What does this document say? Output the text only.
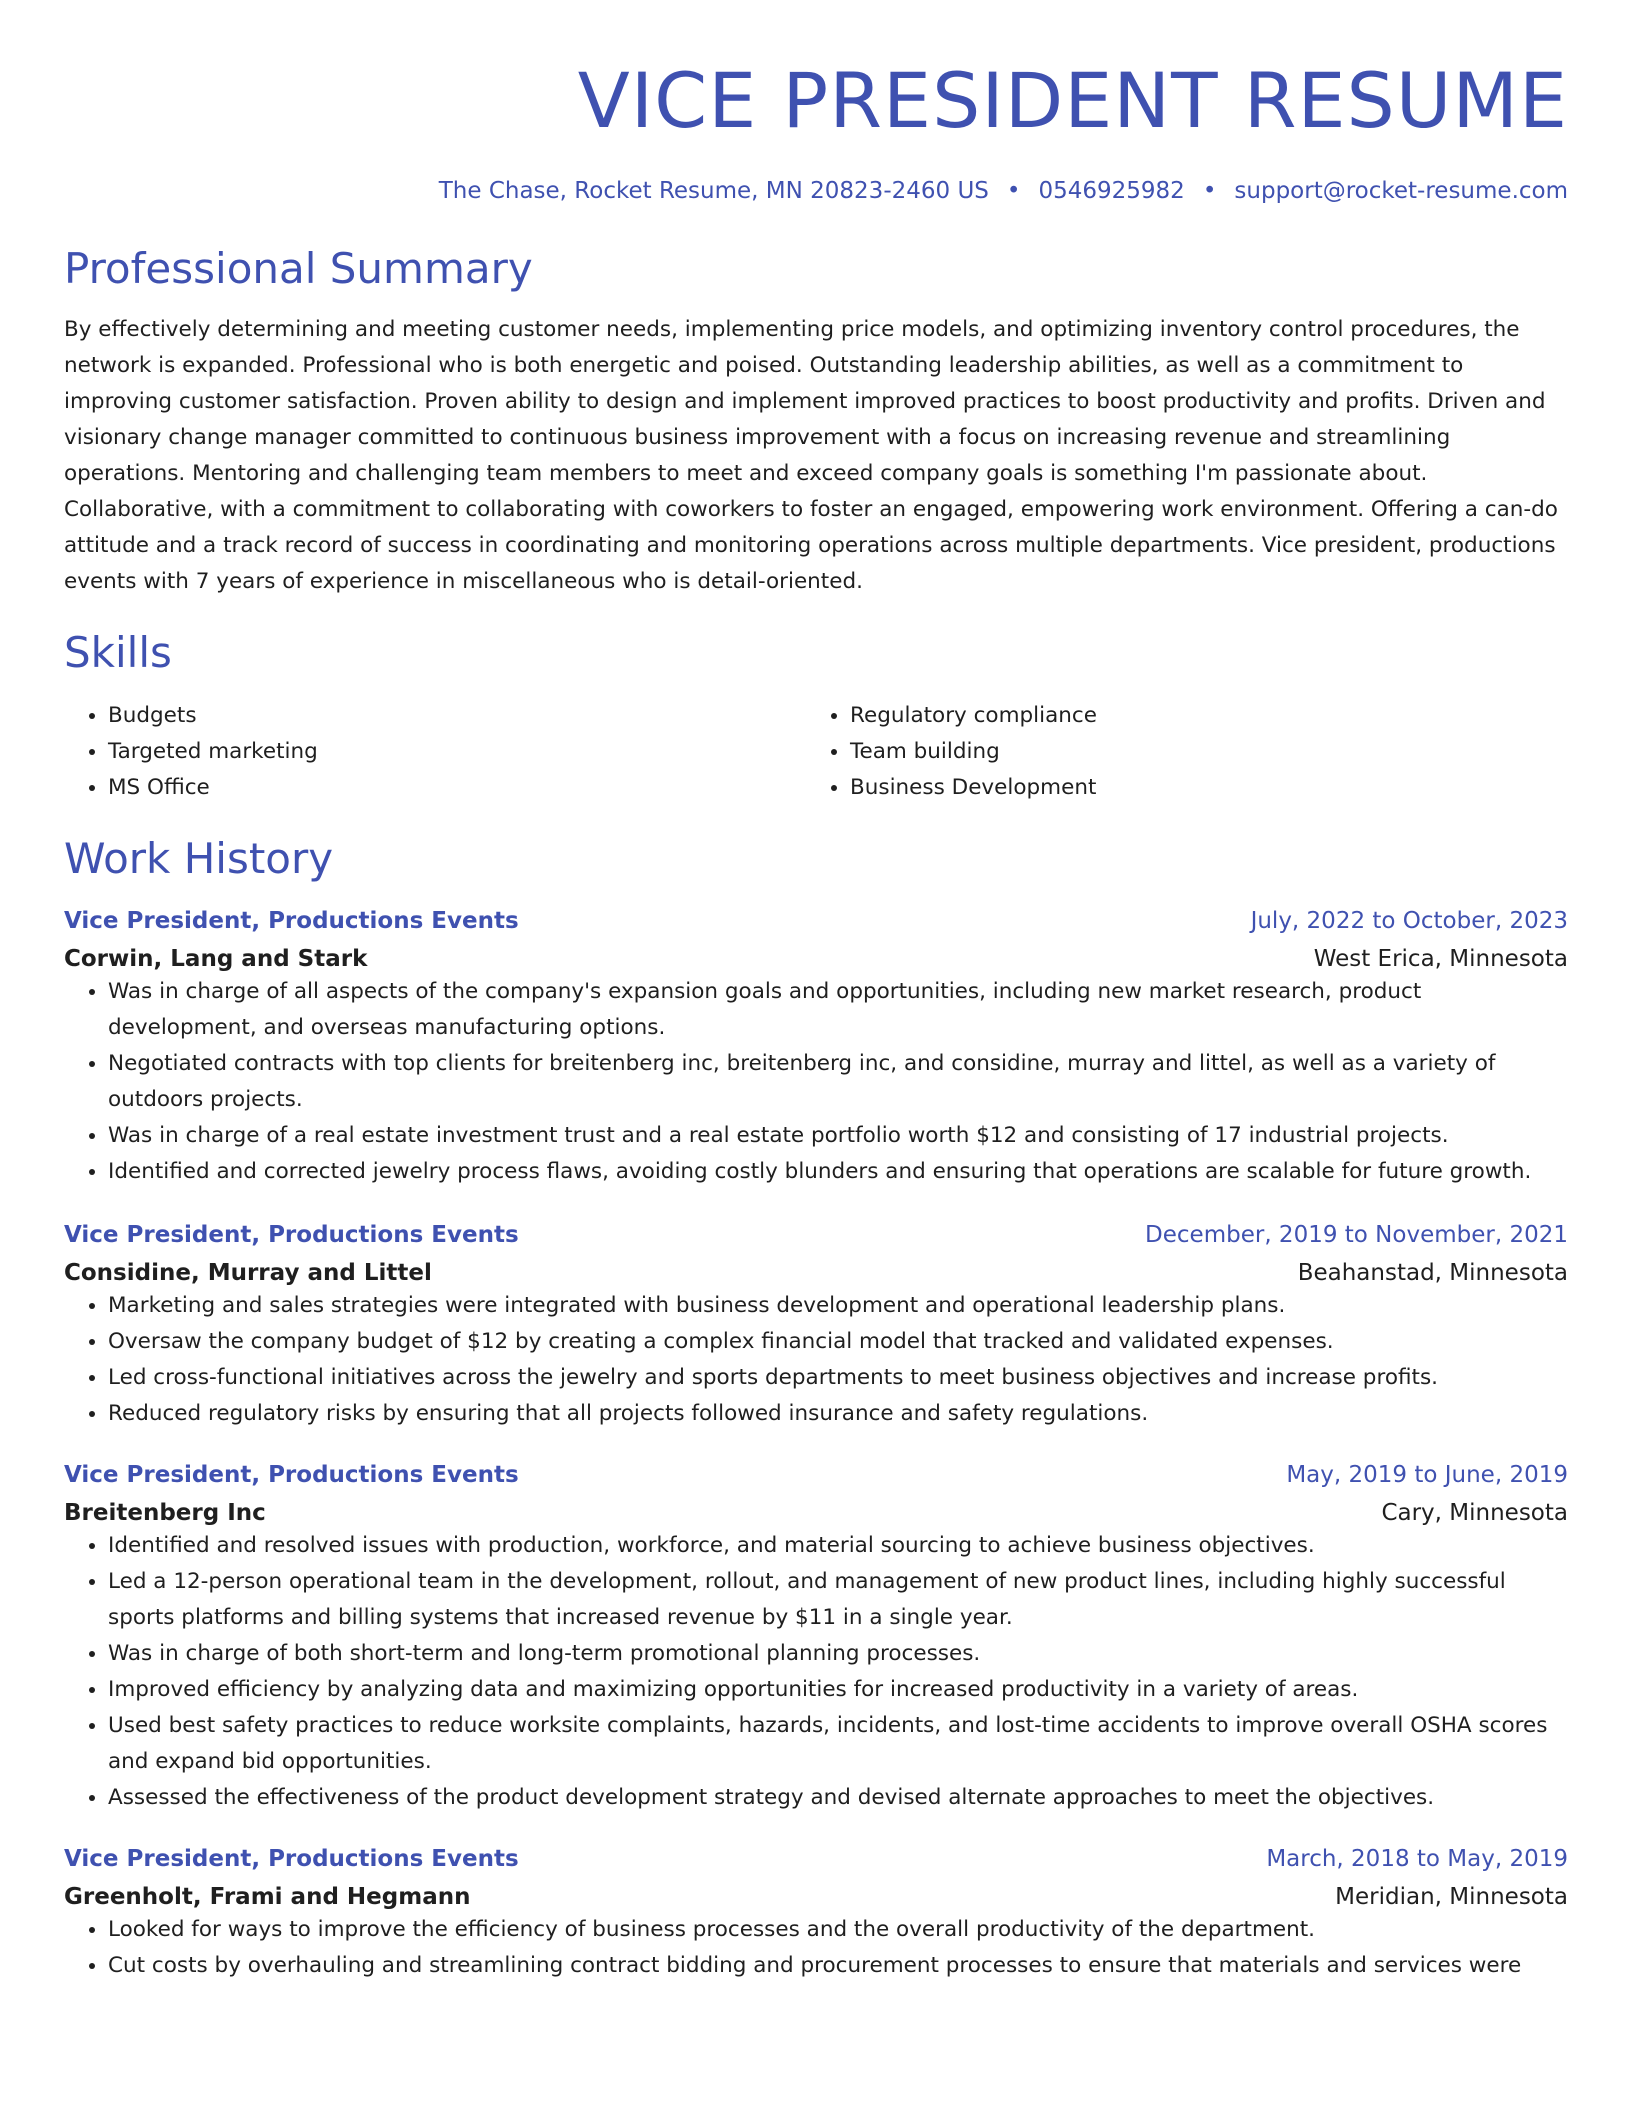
VICE PRESIDENT RESUME
The Chase, Rocket Resume, MN 20823-2460 US • 0546925982 • support@rocket-resume.com
Professional Summary
By effectively determining and meeting customer needs, implementing price models, and optimizing inventory control procedures, the network is expanded. Professional who is both energetic and poised. Outstanding leadership abilities, as well as a commitment to improving customer satisfaction. Proven ability to design and implement improved practices to boost productivity and profits. Driven and visionary change manager committed to continuous business improvement with a focus on increasing revenue and streamlining operations. Mentoring and challenging team members to meet and exceed company goals is something I'm passionate about. Collaborative, with a commitment to collaborating with coworkers to foster an engaged, empowering work environment. Offering a can-do attitude and a track record of success in coordinating and monitoring operations across multiple departments. Vice president, productions events with 7 years of experience in miscellaneous who is detail-oriented.
Skills
• Budgets
• Targeted marketing
• MS Office
• Regulatory compliance
• Team building
• Business Development
Work History
Vice President, Productions Events	July, 2022 to October, 2023
Corwin, Lang and Stark	West Erica, Minnesota
• Was in charge of all aspects of the company's expansion goals and opportunities, including new market research, product development, and overseas manufacturing options.
• Negotiated contracts with top clients for breitenberg inc, breitenberg inc, and considine, murray and littel, as well as a variety of outdoors projects.
• Was in charge of a real estate investment trust and a real estate portfolio worth $12 and consisting of 17 industrial projects.
• Identified and corrected jewelry process flaws, avoiding costly blunders and ensuring that operations are scalable for future growth.
Vice President, Productions Events	December, 2019 to November, 2021
Considine, Murray and Littel	Beahanstad, Minnesota
• Marketing and sales strategies were integrated with business development and operational leadership plans.
• Oversaw the company budget of $12 by creating a complex financial model that tracked and validated expenses.
• Led cross-functional initiatives across the jewelry and sports departments to meet business objectives and increase profits.
• Reduced regulatory risks by ensuring that all projects followed insurance and safety regulations.
Vice President, Productions Events	May, 2019 to June, 2019
Breitenberg Inc	Cary, Minnesota
• Identified and resolved issues with production, workforce, and material sourcing to achieve business objectives.
• Led a 12-person operational team in the development, rollout, and management of new product lines, including highly successful sports platforms and billing systems that increased revenue by $11 in a single year.
• Was in charge of both short-term and long-term promotional planning processes.
• Improved efficiency by analyzing data and maximizing opportunities for increased productivity in a variety of areas.
• Used best safety practices to reduce worksite complaints, hazards, incidents, and lost-time accidents to improve overall OSHA scores and expand bid opportunities.
• Assessed the effectiveness of the product development strategy and devised alternate approaches to meet the objectives.
Vice President, Productions Events	March, 2018 to May, 2019
Greenholt, Frami and Hegmann	Meridian, Minnesota
• Looked for ways to improve the efficiency of business processes and the overall productivity of the department.
• Cut costs by overhauling and streamlining contract bidding and procurement processes to ensure that materials and services were
